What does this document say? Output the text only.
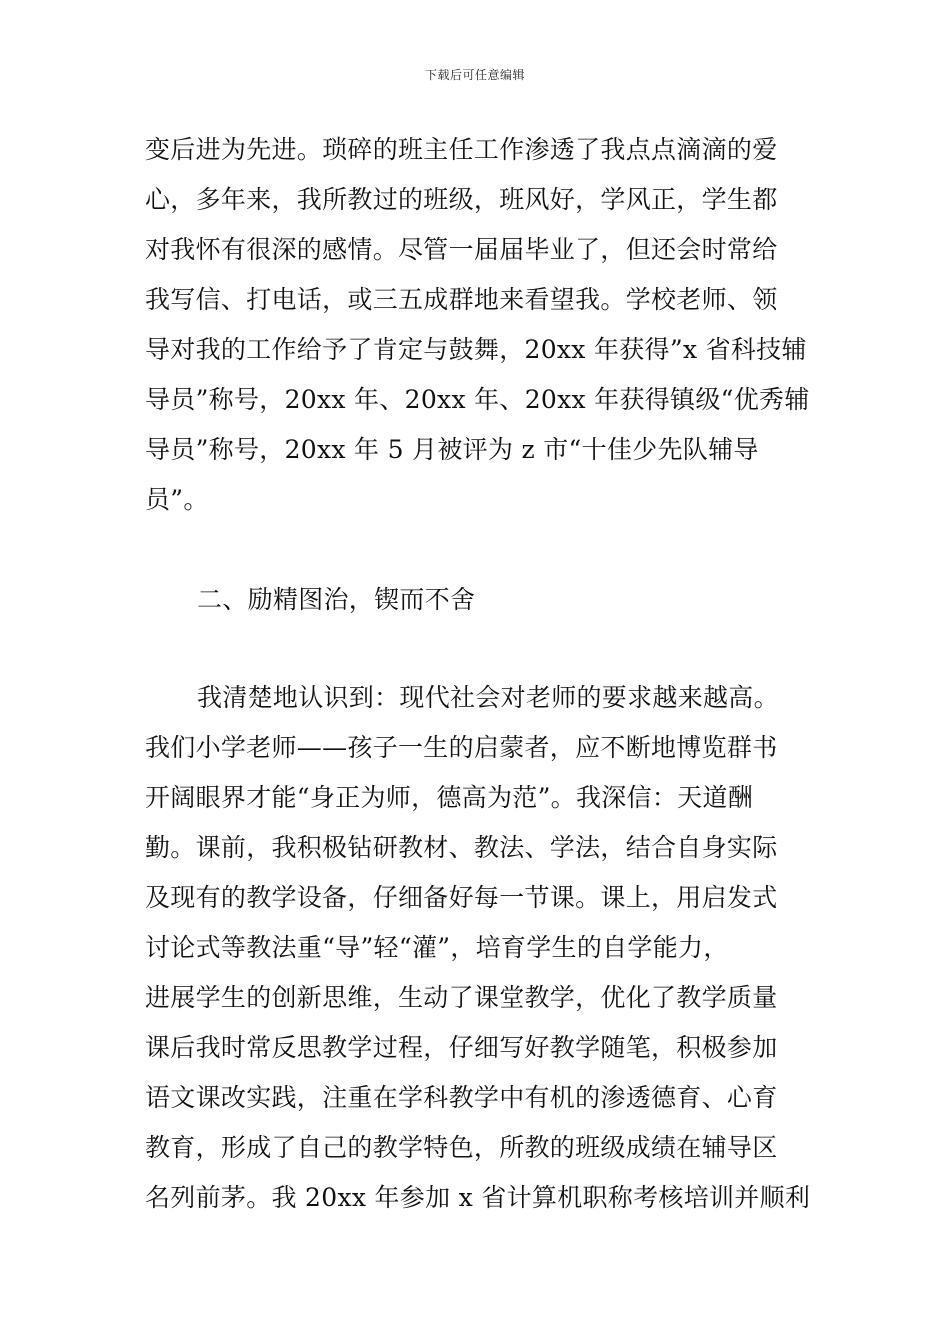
下载后可任意编辑
变后进为先进。琐碎的班主任工作渗透了我点点滴滴的爱
心，多年来，我所教过的班级，班风好，学风正，学生都
对我怀有很深的感情。尽管一届届毕业了，但还会时常给
我写信、打电话，或三五成群地来看望我。学校老师、领
导对我的工作给予了肯定与鼓舞，20xx 年获得”x 省科技辅
导员”称号，20xx 年、20xx 年、20xx 年获得镇级“优秀辅
导员”称号，20xx 年 5 月被评为 z 市“十佳少先队辅导
员”。
二、励精图治，锲而不舍
我清楚地认识到：现代社会对老师的要求越来越高。
我们小学老师——孩子一生的启蒙者，应不断地博览群书
开阔眼界才能“身正为师，德高为范”。我深信：天道酬
勤。课前，我积极钻研教材、教法、学法，结合自身实际
及现有的教学设备，仔细备好每一节课。课上，用启发式
讨论式等教法重“导”轻“灌”，培育学生的自学能力，
进展学生的创新思维，生动了课堂教学，优化了教学质量
课后我时常反思教学过程，仔细写好教学随笔，积极参加
语文课改实践，注重在学科教学中有机的渗透德育、心育
教育，形成了自己的教学特色，所教的班级成绩在辅导区
名列前茅。我 20xx 年参加 x 省计算机职称考核培训并顺利
